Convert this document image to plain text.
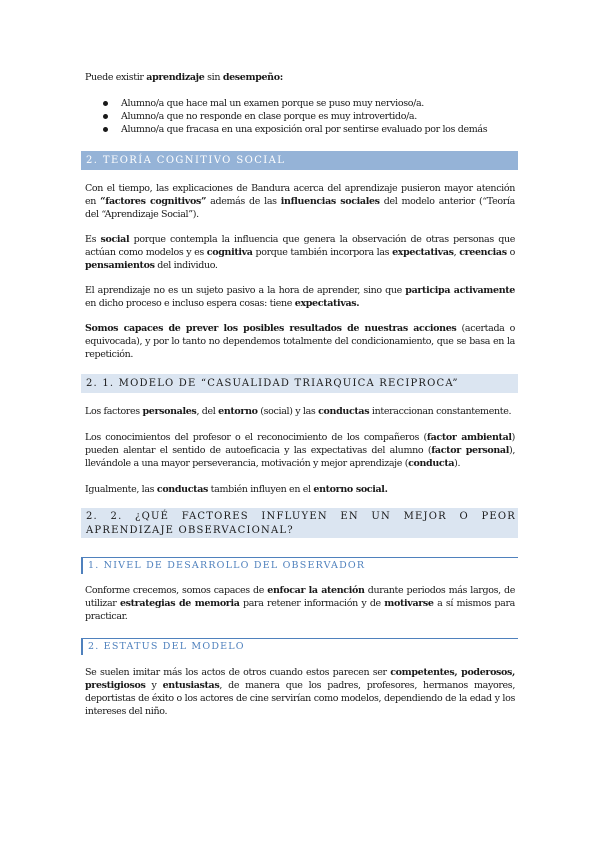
Puede existir aprendizaje sin desempeño:
Alumno/a que hace mal un examen porque se puso muy nervioso/a.
Alumno/a que no responde en clase porque es muy introvertido/a.
Alumno/a que fracasa en una exposición oral por sentirse evaluado por los demás
2. TEORÍA COGNITIVO SOCIAL
Con el tiempo, las explicaciones de Bandura acerca del aprendizaje pusieron mayor atención en “factores cognitivos” además de las influencias sociales del modelo anterior (“Teoría del “Aprendizaje Social”).
Es social porque contempla la influencia que genera la observación de otras personas que actúan como modelos y es cognitiva porque también incorpora las expectativas, creencias o pensamientos del individuo.
El aprendizaje no es un sujeto pasivo a la hora de aprender, sino que participa activamente en dicho proceso e incluso espera cosas: tiene expectativas.
Somos capaces de prever los posibles resultados de nuestras acciones (acertada o equivocada), y por lo tanto no dependemos totalmente del condicionamiento, que se basa en la repetición.
2. 1. MODELO DE “CASUALIDAD TRIARQUICA RECIPROCA”
Los factores personales, del entorno (social) y las conductas interaccionan constantemente.
Los conocimientos del profesor o el reconocimiento de los compañeros (factor ambiental) pueden alentar el sentido de autoeficacia y las expectativas del alumno (factor personal), llevándole a una mayor perseverancia, motivación y mejor aprendizaje (conducta).
Igualmente, las conductas también influyen en el entorno social.
2. 2. ¿QUÉ FACTORES INFLUYEN EN UN MEJOR O PEOR APRENDIZAJE OBSERVACIONAL?
1. NIVEL DE DESARROLLO DEL OBSERVADOR
Conforme crecemos, somos capaces de enfocar la atención durante periodos más largos, de utilizar estrategias de memoria para retener información y de motivarse a sí mismos para practicar.
2. ESTATUS DEL MODELO
Se suelen imitar más los actos de otros cuando estos parecen ser competentes, poderosos, prestigiosos y entusiastas, de manera que los padres, profesores, hermanos mayores, deportistas de éxito o los actores de cine servirían como modelos, dependiendo de la edad y los intereses del niño.
